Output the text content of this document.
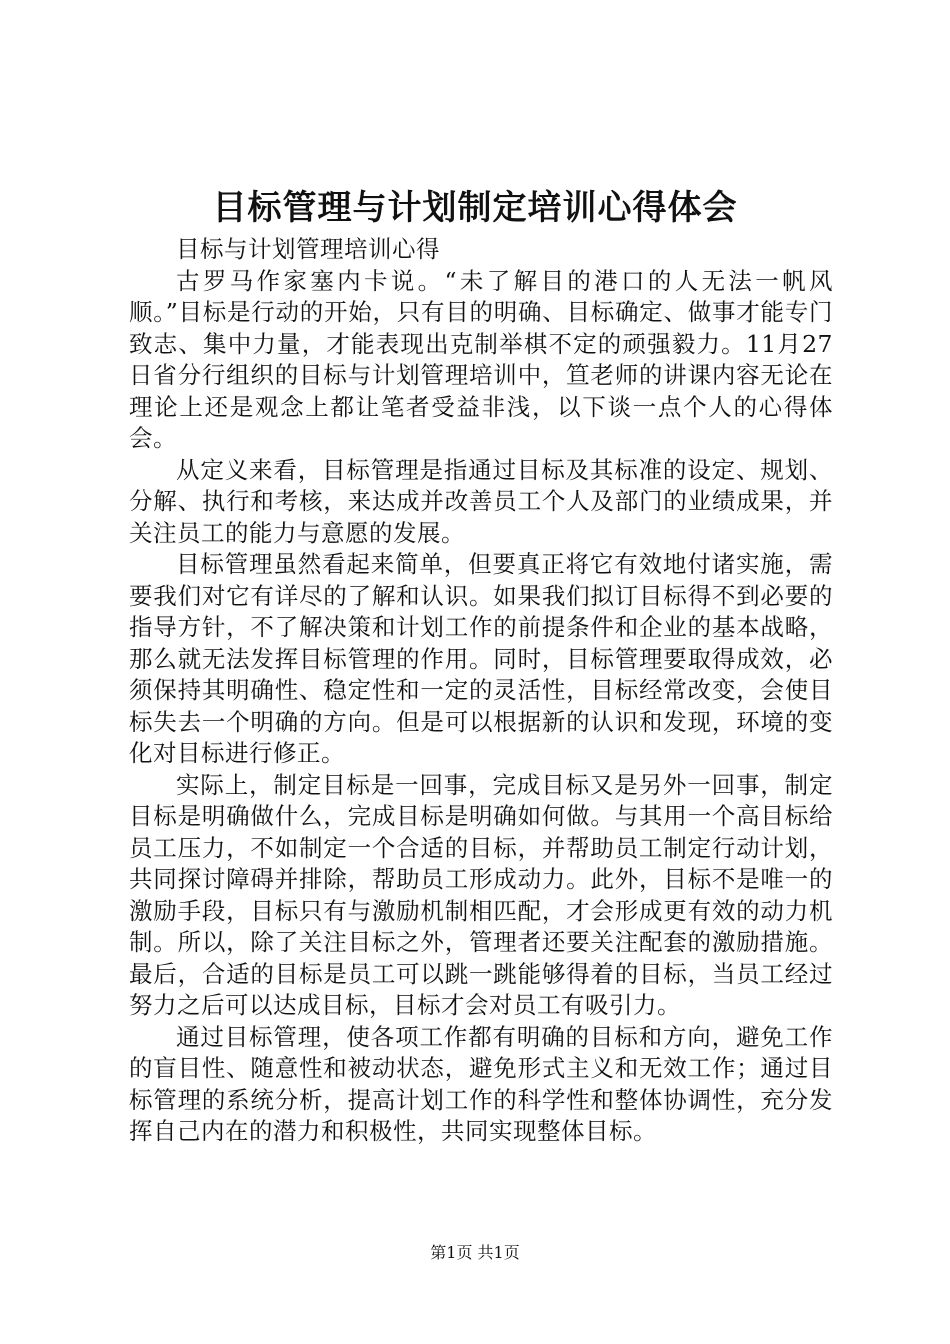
目标管理与计划制定培训心得体会

目标与计划管理培训心得

古罗马作家塞内卡说。“未了解目的港口的人无法一帆风顺。”目标是行动的开始，只有目的明确、目标确定、做事才能专门致志、集中力量，才能表现出克制举棋不定的顽强毅力。11月27日省分行组织的目标与计划管理培训中，笪老师的讲课内容无论在理论上还是观念上都让笔者受益非浅，以下谈一点个人的心得体会。

从定义来看，目标管理是指通过目标及其标准的设定、规划、分解、执行和考核，来达成并改善员工个人及部门的业绩成果，并关注员工的能力与意愿的发展。

目标管理虽然看起来简单，但要真正将它有效地付诸实施，需要我们对它有详尽的了解和认识。如果我们拟订目标得不到必要的指导方针，不了解决策和计划工作的前提条件和企业的基本战略，那么就无法发挥目标管理的作用。同时，目标管理要取得成效，必须保持其明确性、稳定性和一定的灵活性，目标经常改变，会使目标失去一个明确的方向。但是可以根据新的认识和发现，环境的变化对目标进行修正。

实际上，制定目标是一回事，完成目标又是另外一回事，制定目标是明确做什么，完成目标是明确如何做。与其用一个高目标给员工压力，不如制定一个合适的目标，并帮助员工制定行动计划，共同探讨障碍并排除，帮助员工形成动力。此外，目标不是唯一的激励手段，目标只有与激励机制相匹配，才会形成更有效的动力机制。所以，除了关注目标之外，管理者还要关注配套的激励措施。最后，合适的目标是员工可以跳一跳能够得着的目标，当员工经过努力之后可以达成目标，目标才会对员工有吸引力。

通过目标管理，使各项工作都有明确的目标和方向，避免工作的盲目性、随意性和被动状态，避免形式主义和无效工作；通过目标管理的系统分析，提高计划工作的科学性和整体协调性，充分发挥自己内在的潜力和积极性，共同实现整体目标。

第1页 共1页
